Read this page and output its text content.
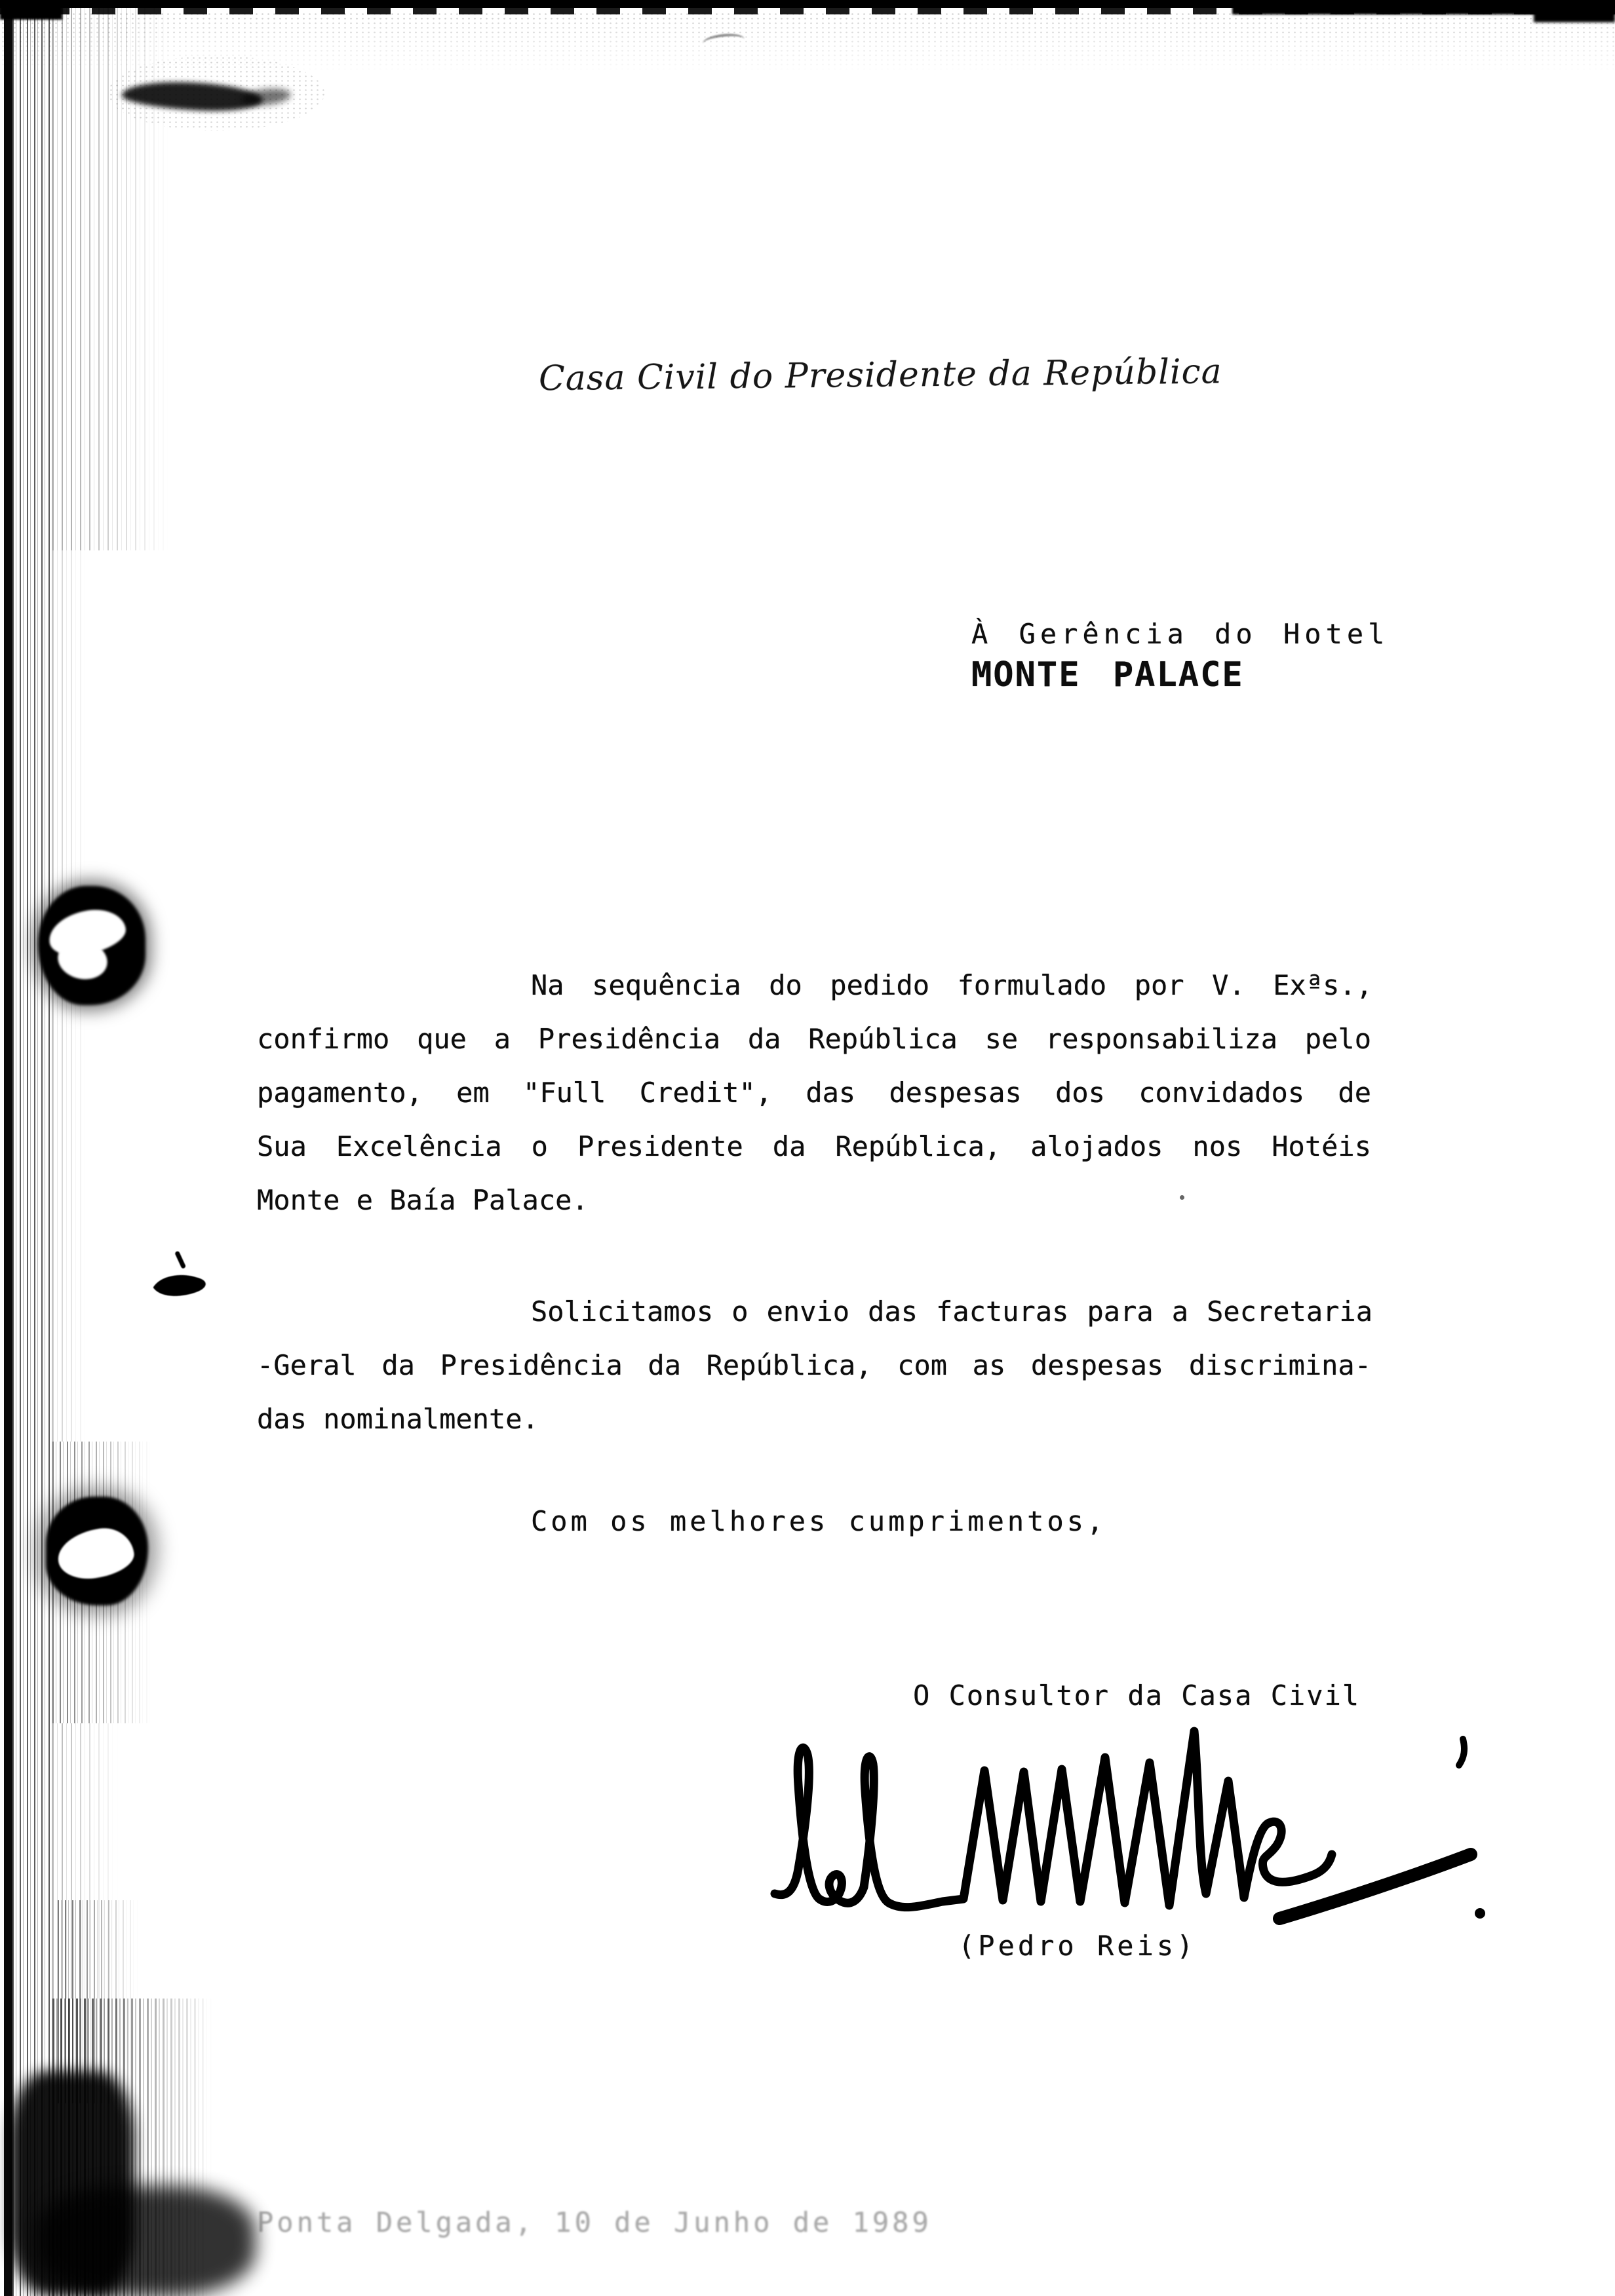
Casa Civil do Presidente da República
À Gerência do Hotel
MONTE PALACE
Na sequência do pedido formulado por V. Exªs.,
confirmo que a Presidência da República se responsabiliza pelo
pagamento, em "Full Credit", das despesas dos convidados de
Sua Excelência o Presidente da República, alojados nos Hotéis
Monte e Baía Palace.
Solicitamos o envio das facturas para a Secretaria
-Geral da Presidência da República, com as despesas discrimina-
das nominalmente.
Com os melhores cumprimentos,
O Consultor da Casa Civil
(Pedro Reis)
Ponta Delgada, 10 de Junho de 1989
